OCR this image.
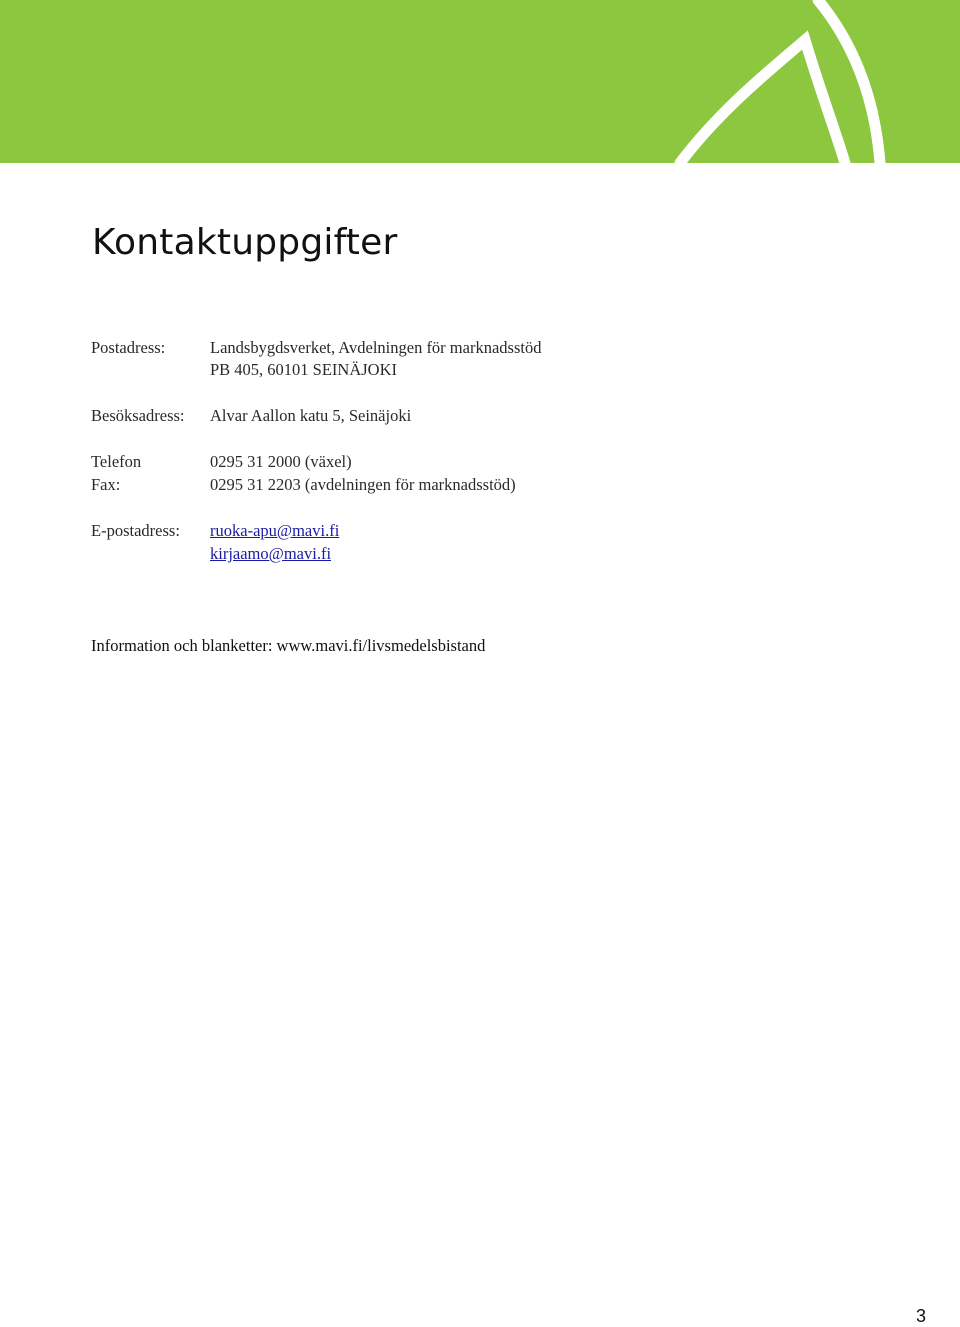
Kontaktuppgifter
Postadress:	Landsbygdsverket, Avdelningen för marknadsstöd
PB 405, 60101 SEINÄJOKI
Besöksadress: Alvar Aallon katu 5, Seinäjoki
Telefon	0295 31 2000 (växel)
Fax:	0295 31 2203 (avdelningen för marknadsstöd)
E-postadress: ruoka-apu@mavi.fi
kirjaamo@mavi.fi
Information och blanketter: www.mavi.fi/livsmedelsbistand
3
